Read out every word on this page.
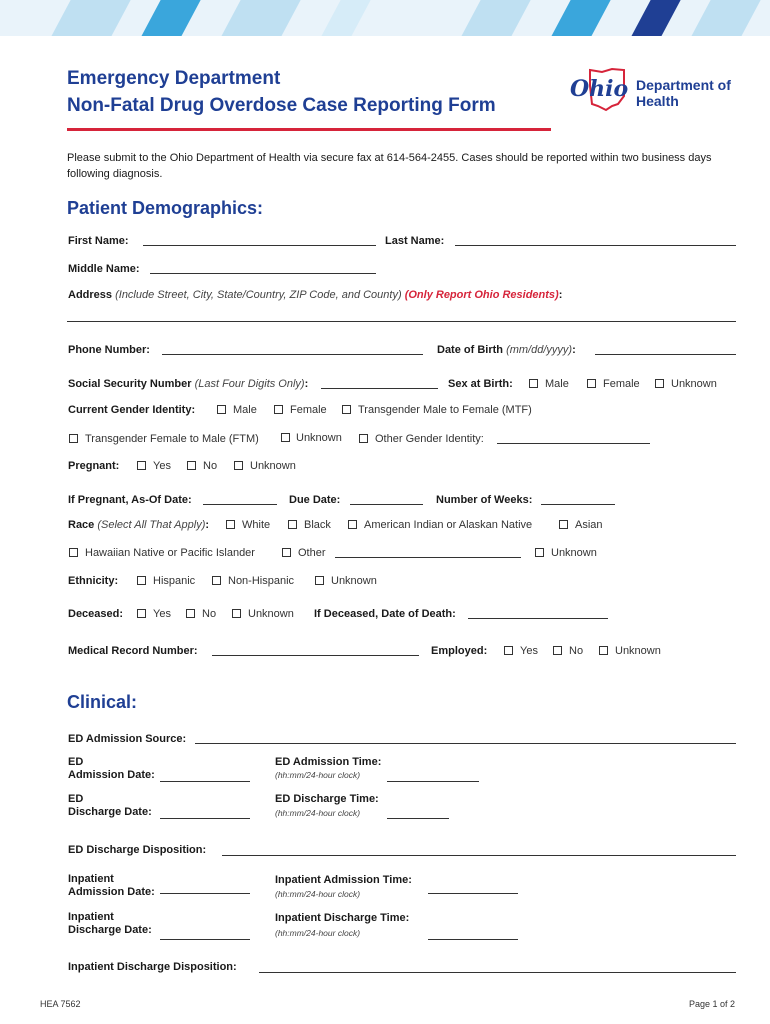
Emergency Department
Non-Fatal Drug Overdose Case Reporting Form
Ohio Department of
Health
Please submit to the Ohio Department of Health via secure fax at 614-564-2455. Cases should be reported within two business days following diagnosis.
Patient Demographics:
First Name:	Last Name:
Middle Name:
Address (Include Street, City, State/Country, ZIP Code, and County) (Only Report Ohio Residents):
Phone Number:	Date of Birth (mm/dd/yyyy):
Social Security Number (Last Four Digits Only):	Sex at Birth:	Male	Female	Unknown
Current Gender Identity:	Male	Female	Transgender Male to Female (MTF)
Transgender Female to Male (FTM)	Unknown	Other Gender Identity:
Pregnant:	Yes	No	Unknown
If Pregnant, As-Of Date:	Due Date:	Number of Weeks:
Race (Select All That Apply):	White	Black	American Indian or Alaskan Native	Asian
Hawaiian Native or Pacific Islander	Other	Unknown
Ethnicity:	Hispanic	Non-Hispanic	Unknown
Deceased:	Yes	No	Unknown If Deceased, Date of Death:
Medical Record Number:	Employed:	Yes	No	Unknown
Clinical:
ED Admission Source:
ED
Admission Date:
ED Admission Time:
(hh:mm/24-hour clock)
ED
Discharge Date:
ED Discharge Time:
(hh:mm/24-hour clock)
ED Discharge Disposition:
Inpatient
Admission Date:
Inpatient Admission Time:
(hh:mm/24-hour clock)
Inpatient
Discharge Date:
Inpatient Discharge Time:
(hh:mm/24-hour clock)
Inpatient Discharge Disposition:
HEA 7562	Page 1 of 2
